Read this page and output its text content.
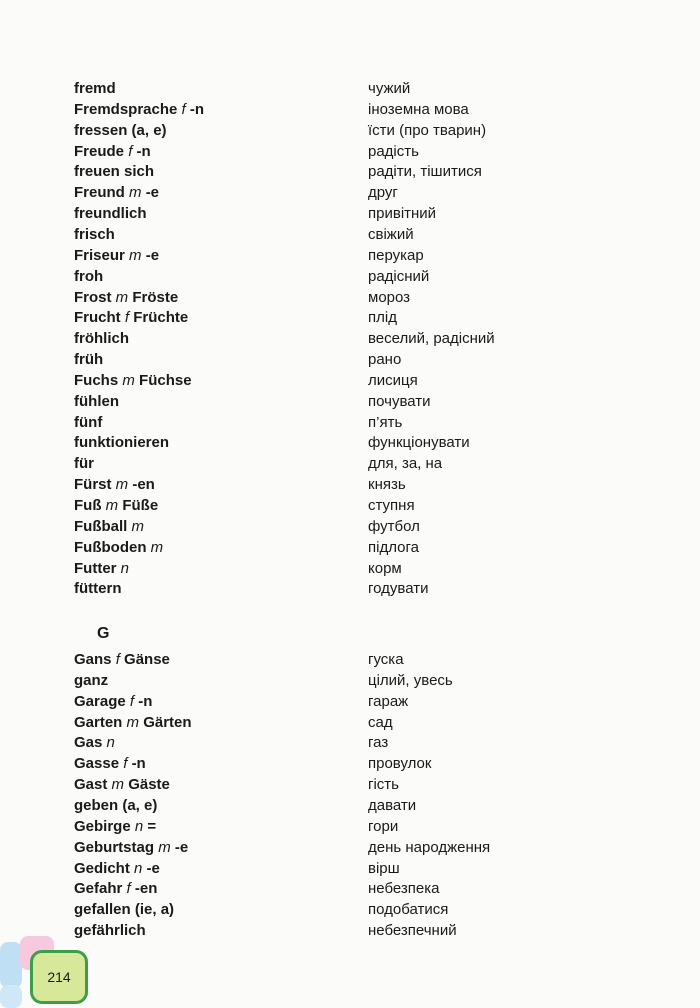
fremd	чужий
Fremdsprache f -n	іноземна мова
fressen (a, e)	їсти (про тварин)
Freude f -n	радість
freuen sich	радіти, тішитися
Freund m -e	друг
freundlich	привітний
frisch	свіжий
Friseur m -e	перукар
froh	радісний
Frost m Fröste	мороз
Frucht f Früchte	плід
fröhlich	веселий, радісний
früh	рано
Fuchs m Füchse	лисиця
fühlen	почувати
fünf	п’ять
funktionieren	функціонувати
für	для, за, на
Fürst m -en	князь
Fuß m Füße	ступня
Fußball m	футбол
Fußboden m	підлога
Futter n	корм
füttern	годувати
Gans f Gänse	гуска
ganz	цілий, увесь
Garage f -n	гараж
Garten m Gärten	сад
Gas n	газ
Gasse f -n	провулок
Gast m Gäste	гість
geben (a, e)	давати
Gebirge n =	гори
Geburtstag m -e	день народження
Gedicht n -e	вірш
Gefahr f -en	небезпека
gefallen (ie, a)	подобатися
gefährlich	небезпечний
G
214
